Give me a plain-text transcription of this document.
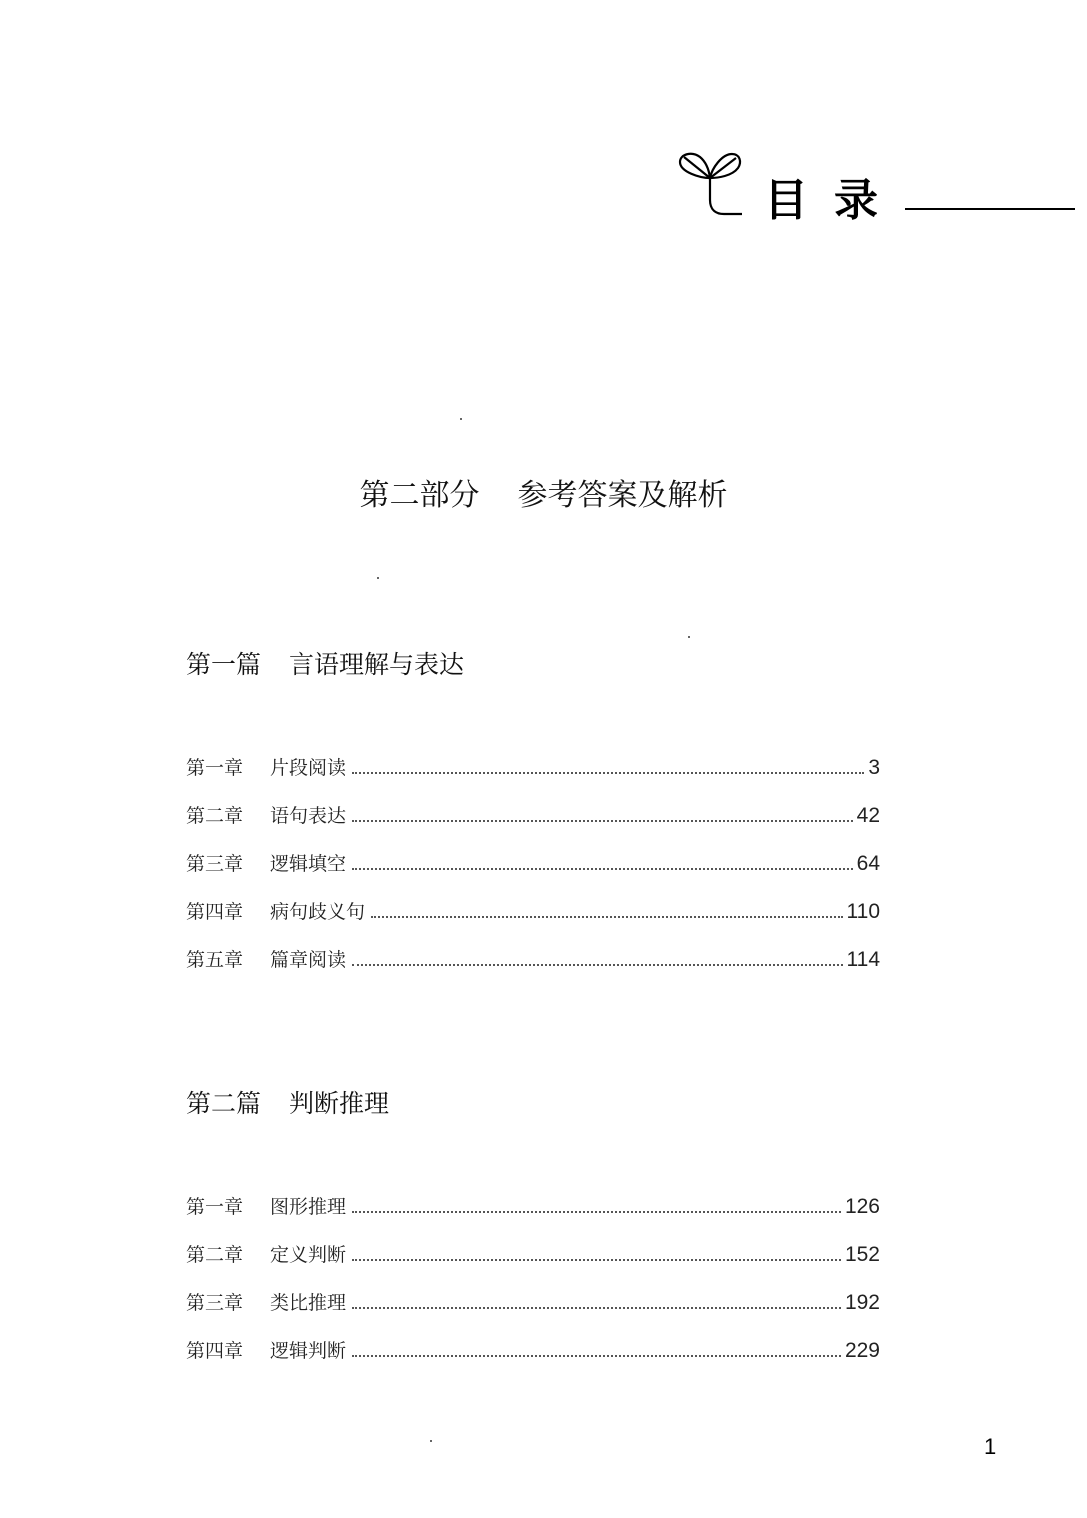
目录
第二部分 参考答案及解析
第一篇 言语理解与表达
第一章	片段阅读	3
第二章	语句表达	42
第三章	逻辑填空	64
第四章	病句歧义句	110
第五章	篇章阅读	114
第二篇 判断推理
第一章	图形推理	126
第二章	定义判断	152
第三章	类比推理	192
第四章	逻辑判断	229
1
